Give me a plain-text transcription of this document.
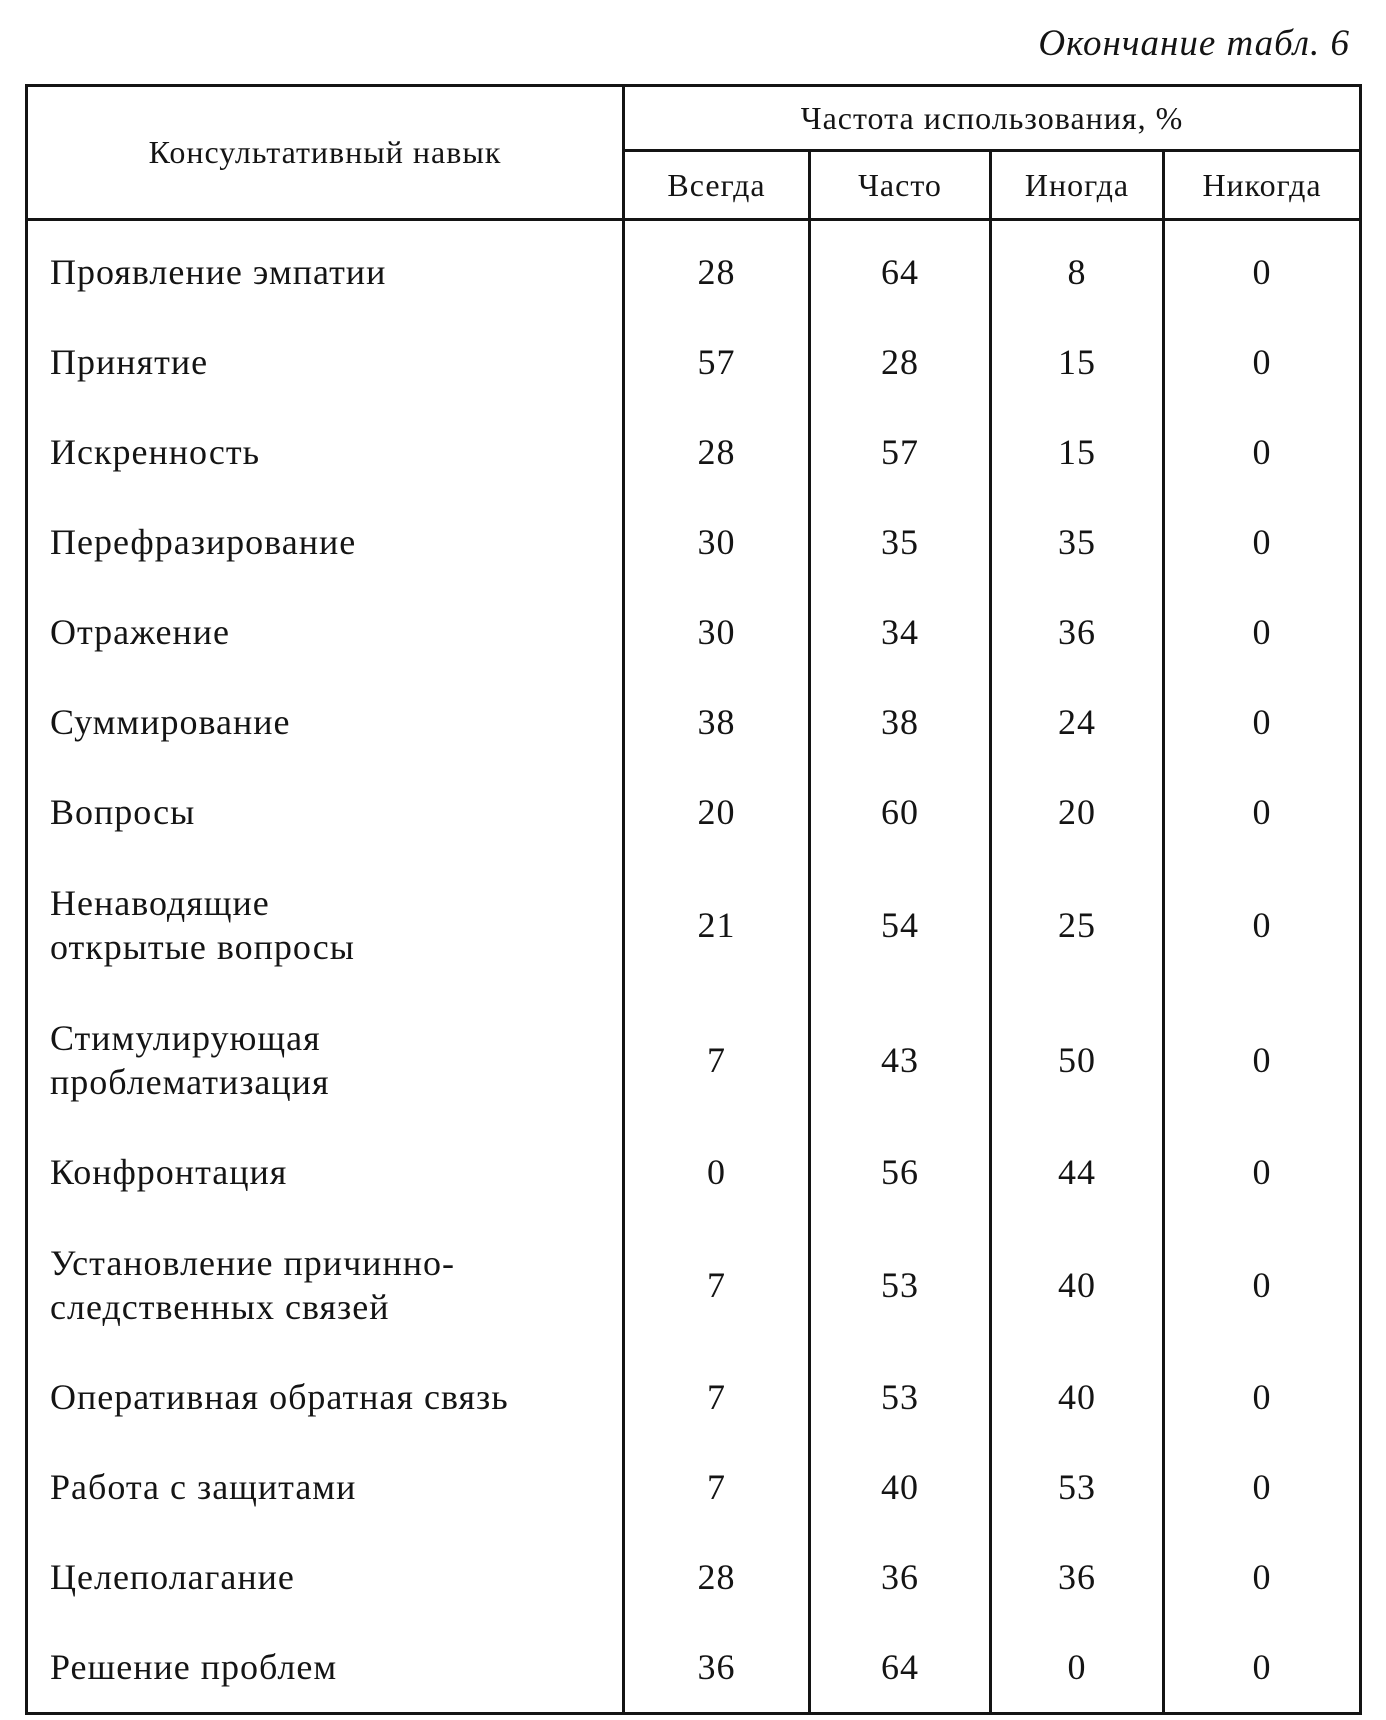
Окончание табл. 6
Консультативный навык	Частота использования, %			
	Всегда	Часто	Иногда	Никогда
Проявление эмпатии	28	64	8	0
Принятие	57	28	15	0
Искренность	28	57	15	0
Перефразирование	30	35	35	0
Отражение	30	34	36	0
Суммирование	38	38	24	0
Вопросы	20	60	20	0
Ненаводящие
открытые вопросы	21	54	25	0
Стимулирующая
проблематизация	7	43	50	0
Конфронтация	0	56	44	0
Установление причинно-
следственных связей	7	53	40	0
Оперативная обратная связь	7	53	40	0
Работа с защитами	7	40	53	0
Целеполагание	28	36	36	0
Решение проблем	36	64	0	0
